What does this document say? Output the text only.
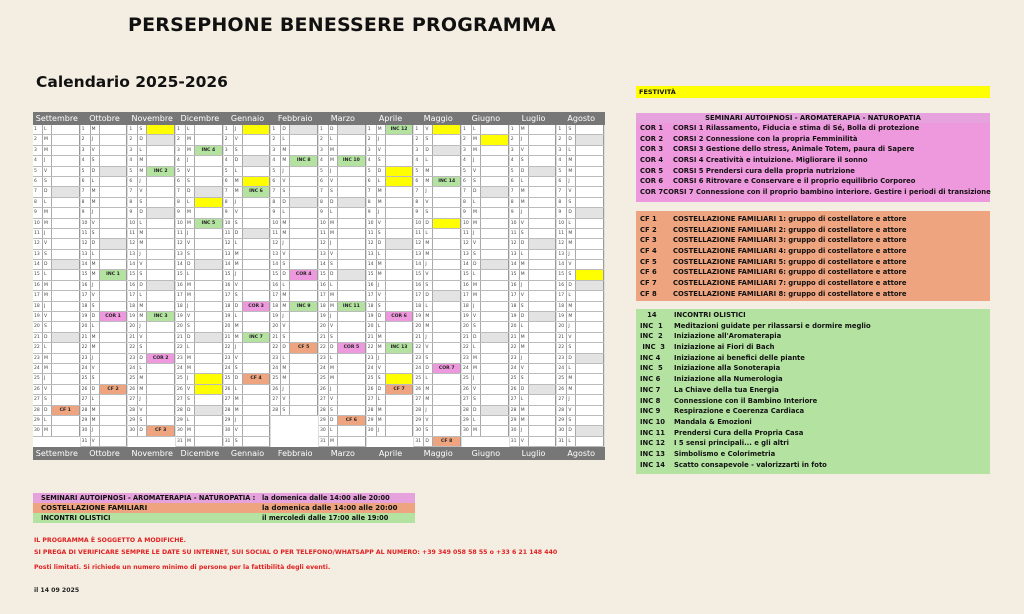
PERSEPHONE BENESSERE PROGRAMMA
Calendario 2025-2026
Settembre	Ottobre	Novembre Dicembre	Gennaio	Febbraio	Marzo	Aprile	Maggio	Giugno	Luglio	Agosto
1	L
2	M
3	M
4	J
5	V
6	S
7	D
8	L
9	M
10 M
11 J
12 V
13 S
14 D
15 L
16 M
17 M
18 J
19 V
20 S
21 D
22 L
23 M
24 M
25 J
26 V
27 S
28 D	CF 1
29 L
30 M
1	M
2	J
3	V
4	S
5	D
6	L
7	M
8	M
9	J
10 V
11 S
12 D
13 L
14 M
15 M	INC 1
16 J
17 V
18 S
19 D	COR 1
20 L
21 M
22 M
23 J
24 V
25 S
26 D	CF 2
27 L
28 M
29 M
30 J
31 V
1	S
2	D
3	L
4	M
5	M	INC 2
6	J
7	V
8	S
9	D
10 L
11 M
12 M
13 J
14 V
15 S
16 D
17 L
18 M
19 M	INC 3
20 J
21 V
22 S
23 D	COR 2
24 L
25 M
26 M
27 J
28 V
29 S
30 D	CF 3
1	L
2	M
3	M	INC 4
4	J
5	V
6	S
7	D
8	L
9	M
10 M	INC 5
11 J
12 V
13 S
14 D
15 L
16 M
17 M
18 J
19 V
20 S
21 D
22 L
23 M
24 M
25 J
26 V
27 S
28 D
29 L
30 M
31 M
1	J
2	V
3	S
4	D
5	L
6	M
7	M	INC 6
8	J
9	V
10 S
11 D
12 L
13 M
14 M
15 J
16 V
17 S
18 D	COR 3
19 L
20 M
21 M	INC 7
22 J
23 V
24 S
25 D	CF 4
26 L
27 M
28 M
29 J
30 V
31 S
1	D
2	L
3	M
4	M	INC 8
5	J
6	V
7	S
8	D
9	L
10 M
11 M
12 J
13 V
14 S
15 D	COR 4
16 L
17 M
18 M	INC 9
19 J
20 V
21 S
22 D	CF 5
23 L
24 M
25 M
26 J
27 V
28 S
1	D
2	L
3	M
4	M	INC 10
5	J
6	V
7	S
8	D
9	L
10 M
11 M
12 J
13 V
14 S
15 D
16 L
17 M
18 M	INC 11
19 J
20 V
21 S
22 D	COR 5
23 L
24 M
25 M
26 J
27 V
28 S
29 D	CF 6
30 L
31 M
1	M	INC 12
2	J
3	V
4	S
5	D
6	L
7	M
8	M
9	J
10 V
11 S
12 D
13 L
14 M
15 M
16 J
17 V
18 S
19 D	COR 6
20 L
21 M
22 M	INC 13
23 J
24 V
25 S
26 D	CF 7
27 L
28 M
29 M
30 J
1	V
2	S
3	D
4	L
5	M
6	M	INC 14
7	J
8	V
9	S
10 D
11 L
12 M
13 M
14 J
15 V
16 S
17 D
18 L
19 M
20 M
21 J
22 V
23 S
24 D	COR 7
25 L
26 M
27 M
28 J
29 V
30 S
31 D	CF 8
1	L
2	M
3	M
4	J
5	V
6	S
7	D
8	L
9	M
10 M
11 J
12 V
13 S
14 D
15 L
16 M
17 M
18 J
19 V
20 S
21 D
22 L
23 M
24 M
25 J
26 V
27 S
28 D
29 L
30 M
1	M
2	J
3	V
4	S
5	D
6	L
7	M
8	M
9	J
10 V
11 S
12 D
13 L
14 M
15 M
16 J
17 V
18 S
19 D
20 L
21 M
22 M
23 J
24 V
25 S
26 D
27 L
28 M
29 M
30 J
31 V
1	S
2	D
3	L
4	M
5	M
6	J
7	V
8	S
9	D
10 L
11 M
12 M
13 J
14 V
15 S
16 D
17 L
18 M
19 M
20 J
21 V
22 S
23 D
24 L
25 M
26 M
27 J
28 V
29 S
30 D
31 L
Settembre	Ottobre	Novembre Dicembre	Gennaio	Febbraio	Marzo	Aprile	Maggio	Giugno	Luglio	Agosto
FESTIVITÀ
SEMINARI AUTOIPNOSI - AROMATERAPIA - NATUROPATIA
COR 1	CORSI 1 Rilassamento, Fiducia e stima di Sé, Bolla di protezione
COR 2	CORSI 2 Connessione con la propria Femminilità
COR 3	CORSI 3 Gestione dello stress, Animale Totem, paura di Sapere
COR 4	CORSI 4 Creatività e intuizione. Migliorare il sonno
COR 5	CORSI 5 Prendersi cura della propria nutrizione
COR 6	CORSI 6 Ritrovare e Conservare e il proprio equilibrio Corporeo
COR 7 CORSI 7 Connessione con il proprio bambino interiore. Gestire i periodi di transizione
CF 1	COSTELLAZIONE FAMILIARI 1: gruppo di costellatore e attore
CF 2	COSTELLAZIONE FAMILIARI 2: gruppo di costellatore e attore
CF 3	COSTELLAZIONE FAMILIARI 3: gruppo di costellatore e attore
CF 4	COSTELLAZIONE FAMILIARI 4: gruppo di costellatore e attore
CF 5	COSTELLAZIONE FAMILIARI 5: gruppo di costellatore e attore
CF 6	COSTELLAZIONE FAMILIARI 6: gruppo di costellatore e attore
CF 7	COSTELLAZIONE FAMILIARI 7: gruppo di costellatore e attore
CF 8	COSTELLAZIONE FAMILIARI 8: gruppo di costellatore e attore
14	INCONTRI OLISTICI
INC  1	Meditazioni guidate per rilassarsi e dormire meglio
INC  2	Iniziazione all'Aromaterapia
INC  3	Iniziazione ai Fiori di Bach
INC 4	Iniziazione ai benefici delle piante
INC  5	Iniziazione alla Sonoterapia
INC 6	Iniziazione alla Numerologia
INC 7	La Chiave della tua Energia
INC 8	Connessione con il Bambino Interiore
INC 9	Respirazione e Coerenza Cardiaca
INC 10	Mandala & Emozioni
INC 11	Prendersi Cura della Propria Casa
INC 12	I 5 sensi principali... e gli altri
INC 13	Simbolismo e Colorimetria
INC 14	Scatto consapevole - valorizzarti in foto
SEMINARI AUTOIPNOSI - AROMATERAPIA - NATUROPATIA :	la domenica dalle 14:00 alle 20:00
COSTELLAZIONE FAMILIARI	la domenica dalle 14:00 alle 20:00
INCONTRI OLISTICI	il mercoledì dalle 17:00 alle 19:00
IL PROGRAMMA È SOGGETTO A MODIFICHE.
SI PREGA DI VERIFICARE SEMPRE LE DATE SU INTERNET, SUI SOCIAL O PER TELEFONO/WHATSAPP AL NUMERO: +39 349 058 58 55 o +33 6 21 148 440
Posti limitati. Si richiede un numero minimo di persone per la fattibilità degli eventi.
il 14 09 2025
